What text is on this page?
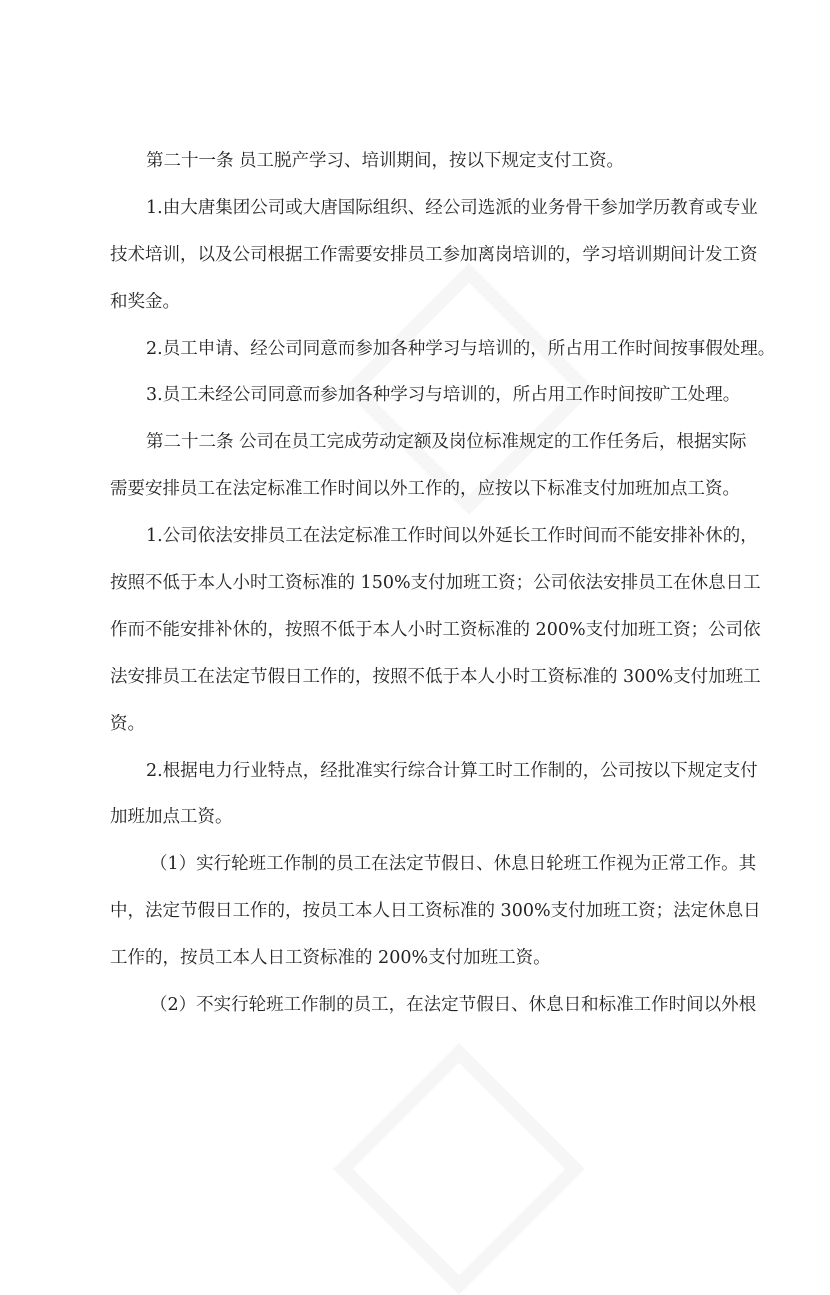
第二十一条 员工脱产学习、培训期间，按以下规定支付工资。
1.由大唐集团公司或大唐国际组织、经公司选派的业务骨干参加学历教育或专业
技术培训，以及公司根据工作需要安排员工参加离岗培训的，学习培训期间计发工资
和奖金。
2.员工申请、经公司同意而参加各种学习与培训的，所占用工作时间按事假处理。
3.员工未经公司同意而参加各种学习与培训的，所占用工作时间按旷工处理。
第二十二条 公司在员工完成劳动定额及岗位标准规定的工作任务后，根据实际
需要安排员工在法定标准工作时间以外工作的，应按以下标准支付加班加点工资。
1.公司依法安排员工在法定标准工作时间以外延长工作时间而不能安排补休的，
按照不低于本人小时工资标准的 150%支付加班工资；公司依法安排员工在休息日工
作而不能安排补休的，按照不低于本人小时工资标准的 200%支付加班工资；公司依
法安排员工在法定节假日工作的，按照不低于本人小时工资标准的 300%支付加班工
资。
2.根据电力行业特点，经批准实行综合计算工时工作制的，公司按以下规定支付
加班加点工资。
（1）实行轮班工作制的员工在法定节假日、休息日轮班工作视为正常工作。其
中，法定节假日工作的，按员工本人日工资标准的 300%支付加班工资；法定休息日
工作的，按员工本人日工资标准的 200%支付加班工资。
（2）不实行轮班工作制的员工，在法定节假日、休息日和标准工作时间以外根
